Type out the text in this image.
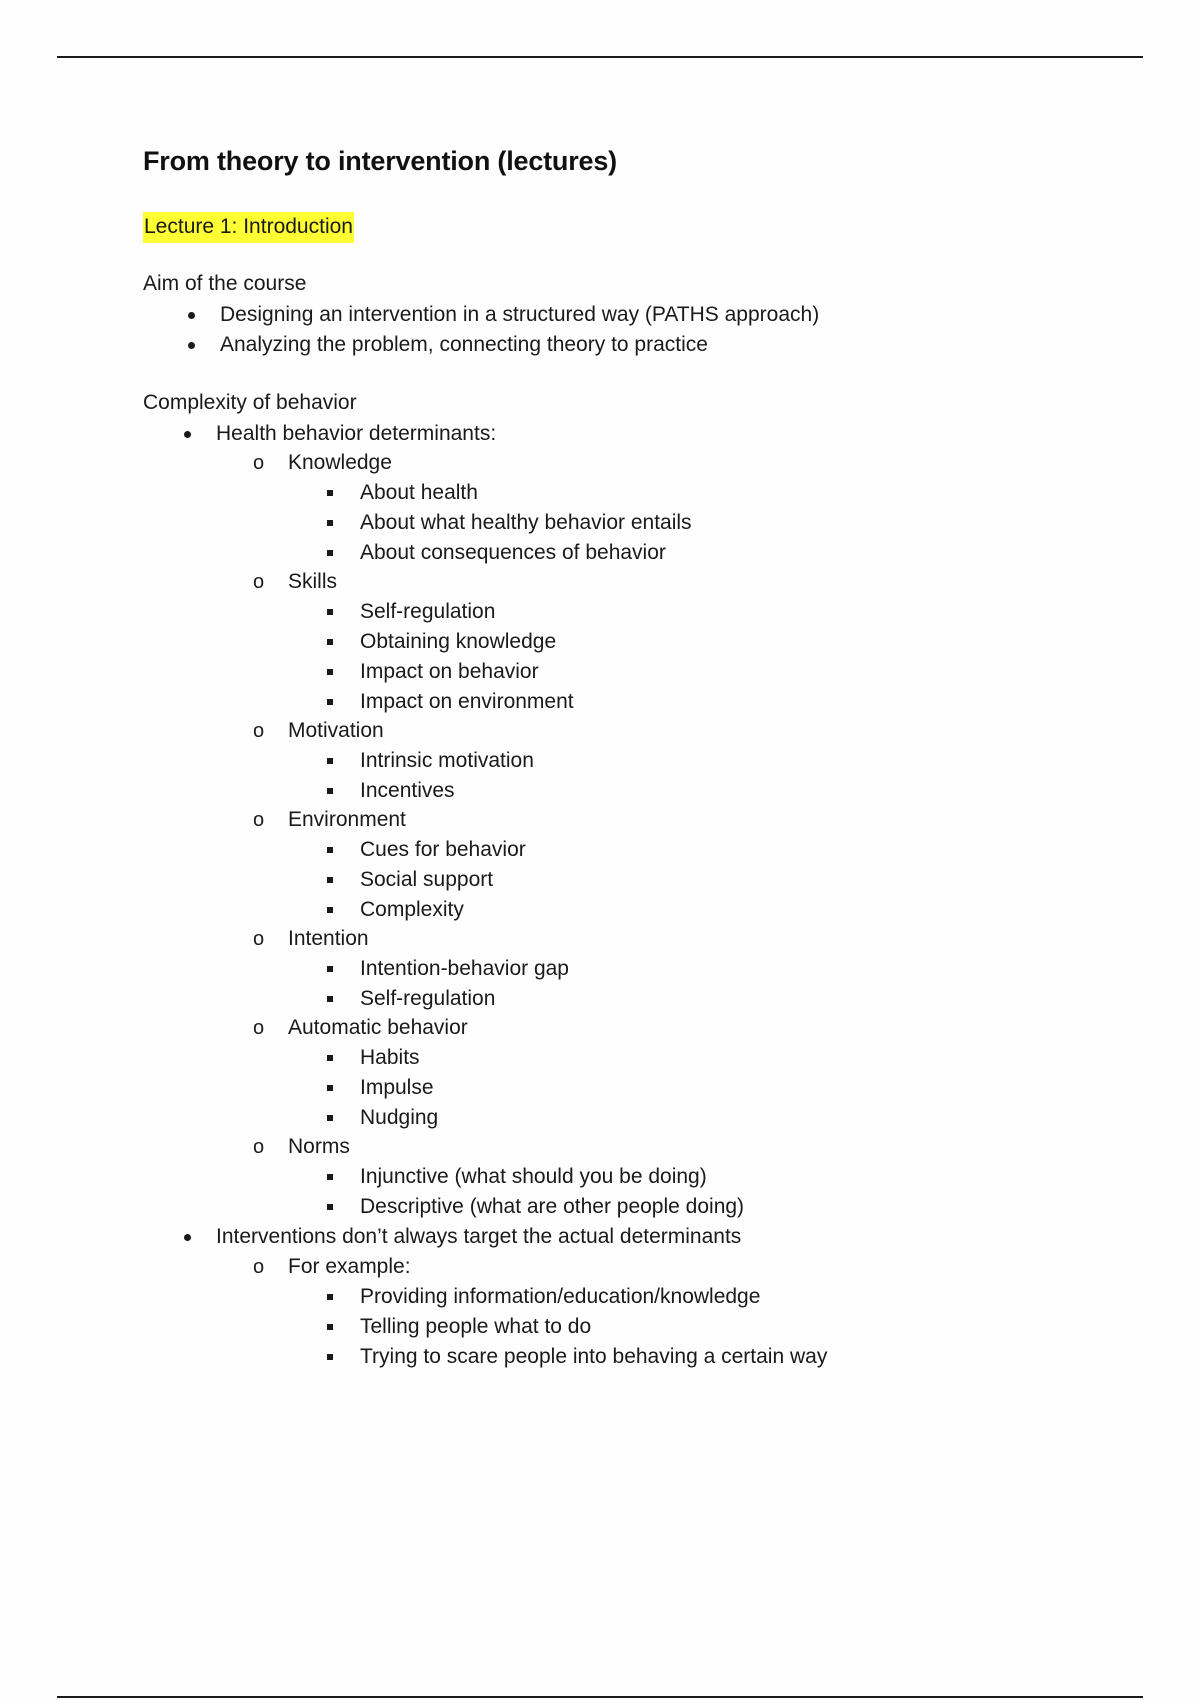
From theory to intervention (lectures)
Lecture 1: Introduction
Aim of the course
Designing an intervention in a structured way (PATHS approach)
Analyzing the problem, connecting theory to practice
Complexity of behavior
Health behavior determinants:
o Knowledge
About health
About what healthy behavior entails
About consequences of behavior
o Skills
Self-regulation
Obtaining knowledge
Impact on behavior
Impact on environment
o Motivation
Intrinsic motivation
Incentives
o Environment
Cues for behavior
Social support
Complexity
o Intention
Intention-behavior gap
Self-regulation
o Automatic behavior
Habits
Impulse
Nudging
o Norms
Injunctive (what should you be doing)
Descriptive (what are other people doing)
Interventions don’t always target the actual determinants
o For example:
Providing information/education/knowledge
Telling people what to do
Trying to scare people into behaving a certain way
